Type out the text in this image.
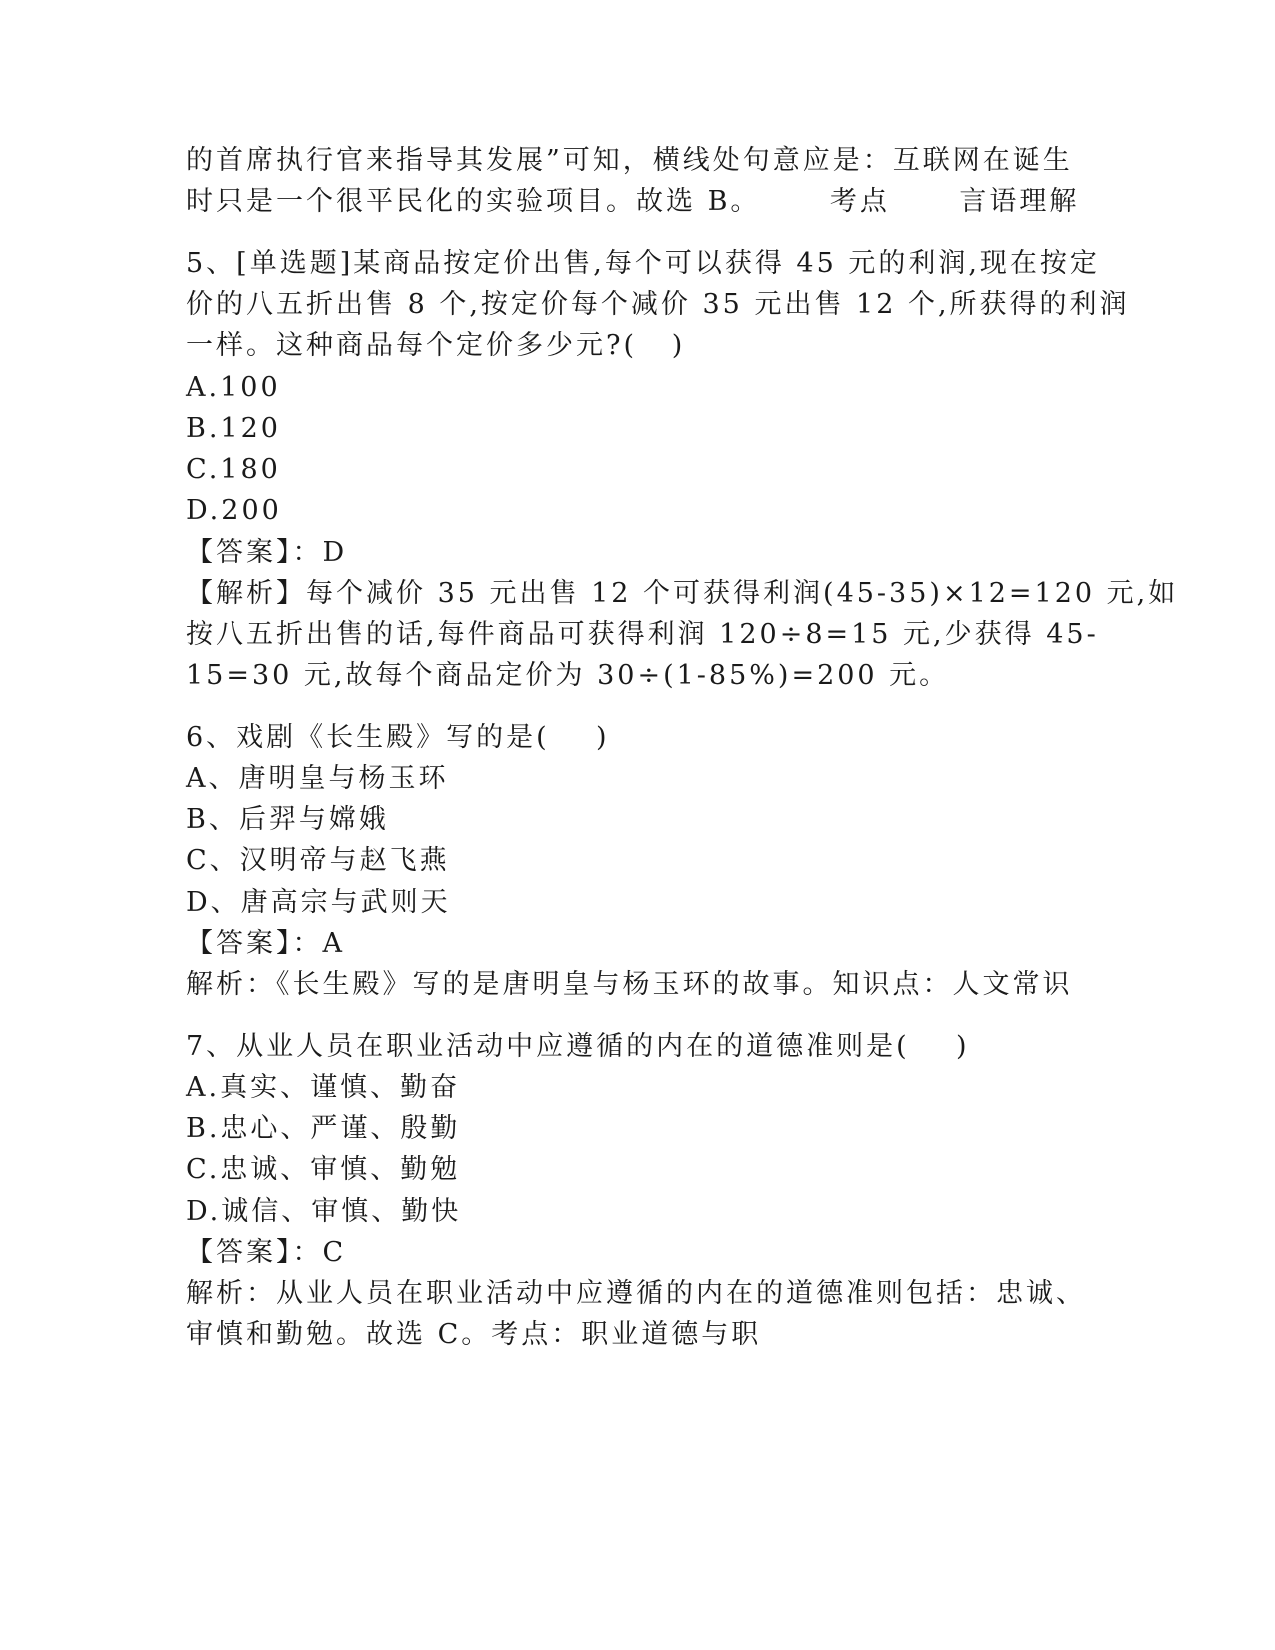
的首席执行官来指导其发展”可知，横线处句意应是：互联网在诞生
时只是一个很平民化的实验项目。故选 B。      考点      言语理解
5、[单选题]某商品按定价出售,每个可以获得 45 元的利润,现在按定
价的八五折出售 8 个,按定价每个减价 35 元出售 12 个,所获得的利润
一样。这种商品每个定价多少元?(   )
A.100
B.120
C.180
D.200
【答案】：D
【解析】每个减价 35 元出售 12 个可获得利润(45-35)×12=120 元,如
按八五折出售的话,每件商品可获得利润 120÷8=15 元,少获得 45-
15=30 元,故每个商品定价为 30÷(1-85%)=200 元。
6、戏剧《长生殿》写的是(    )
A、唐明皇与杨玉环
B、后羿与嫦娥
C、汉明帝与赵飞燕
D、唐高宗与武则天
【答案】：A
解析：《长生殿》写的是唐明皇与杨玉环的故事。知识点：人文常识
7、从业人员在职业活动中应遵循的内在的道德准则是(    )
A.真实、谨慎、勤奋
B.忠心、严谨、殷勤
C.忠诚、审慎、勤勉
D.诚信、审慎、勤快
【答案】：C
解析：从业人员在职业活动中应遵循的内在的道德准则包括：忠诚、
审慎和勤勉。故选 C。考点：职业道德与职
